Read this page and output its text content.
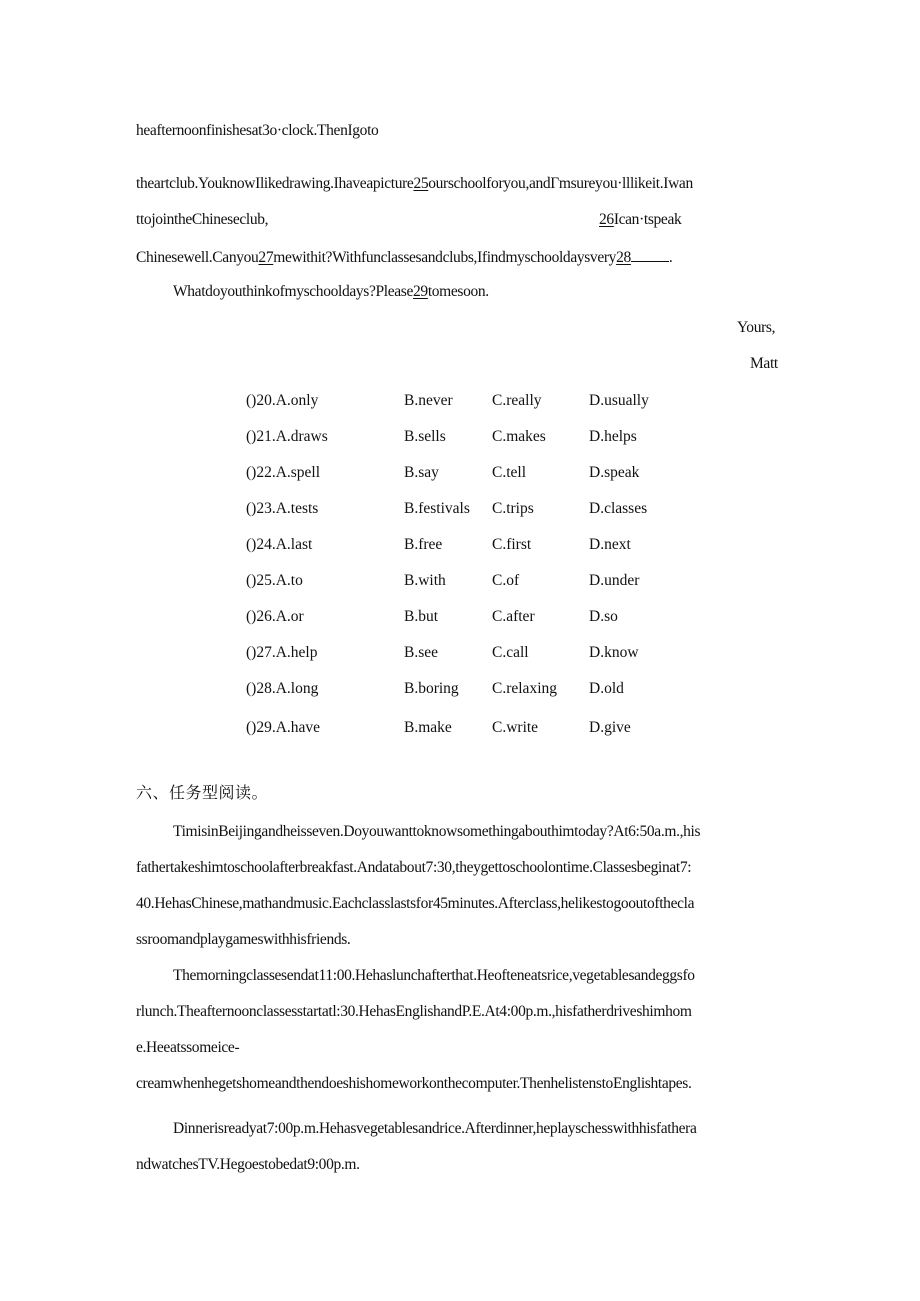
heafternoonfinishesat3o·clock.ThenIgoto
theartclub.YouknowIlikedrawing.Ihaveapicture25ourschoolforyou,andΓmsureyou·lllikeit.Iwan
ttojointheChineseclub,	26Ican·tspeak
Chinesewell.Canyou27mewithit?Withfunclassesandclubs,Ifindmyschooldaysvery28 .
Whatdoyouthinkofmyschooldays?Please29tomesoon.
Yours,
Matt
()20.A.only	B.never	C.really	D.usually
()21.A.draws	B.sells	C.makes	D.helps
()22.A.spell	B.say	C.tell	D.speak
()23.A.tests	B.festivals C.trips	D.classes
()24.A.last	B.free	C.first	D.next
()25.A.to	B.with	C.of	D.under
()26.A.or	B.but	C.after	D.so
()27.A.help	B.see	C.call	D.know
()28.A.long	B.boring C.relaxing D.old
()29.A.have	B.make	C.write	D.give
六、任务型阅读。
TimisinBeijingandheisseven.Doyouwanttoknowsomethingabouthimtoday?At6:50a.m.,his
fathertakeshimtoschoolafterbreakfast.Andatabout7:30,theygettoschoolontime.Classesbeginat7:
40.HehasChinese,mathandmusic.Eachclasslastsfor45minutes.Afterclass,helikestogooutofthecla
ssroomandplaygameswithhisfriends.
Themorningclassesendat11:00.Hehaslunchafterthat.Heofteneatsrice,vegetablesandeggsfo
rlunch.Theafternoonclassesstartatl:30.HehasEnglishandP.E.At4:00p.m.,hisfatherdriveshimhom
e.Heeatssomeice-
creamwhenhegetshomeandthendoeshishomeworkonthecomputer.ThenhelistenstoEnglishtapes.
Dinnerisreadyat7:00p.m.Hehasvegetablesandrice.Afterdinner,heplayschesswithhisfathera
ndwatchesTV.Hegoestobedat9:00p.m.
